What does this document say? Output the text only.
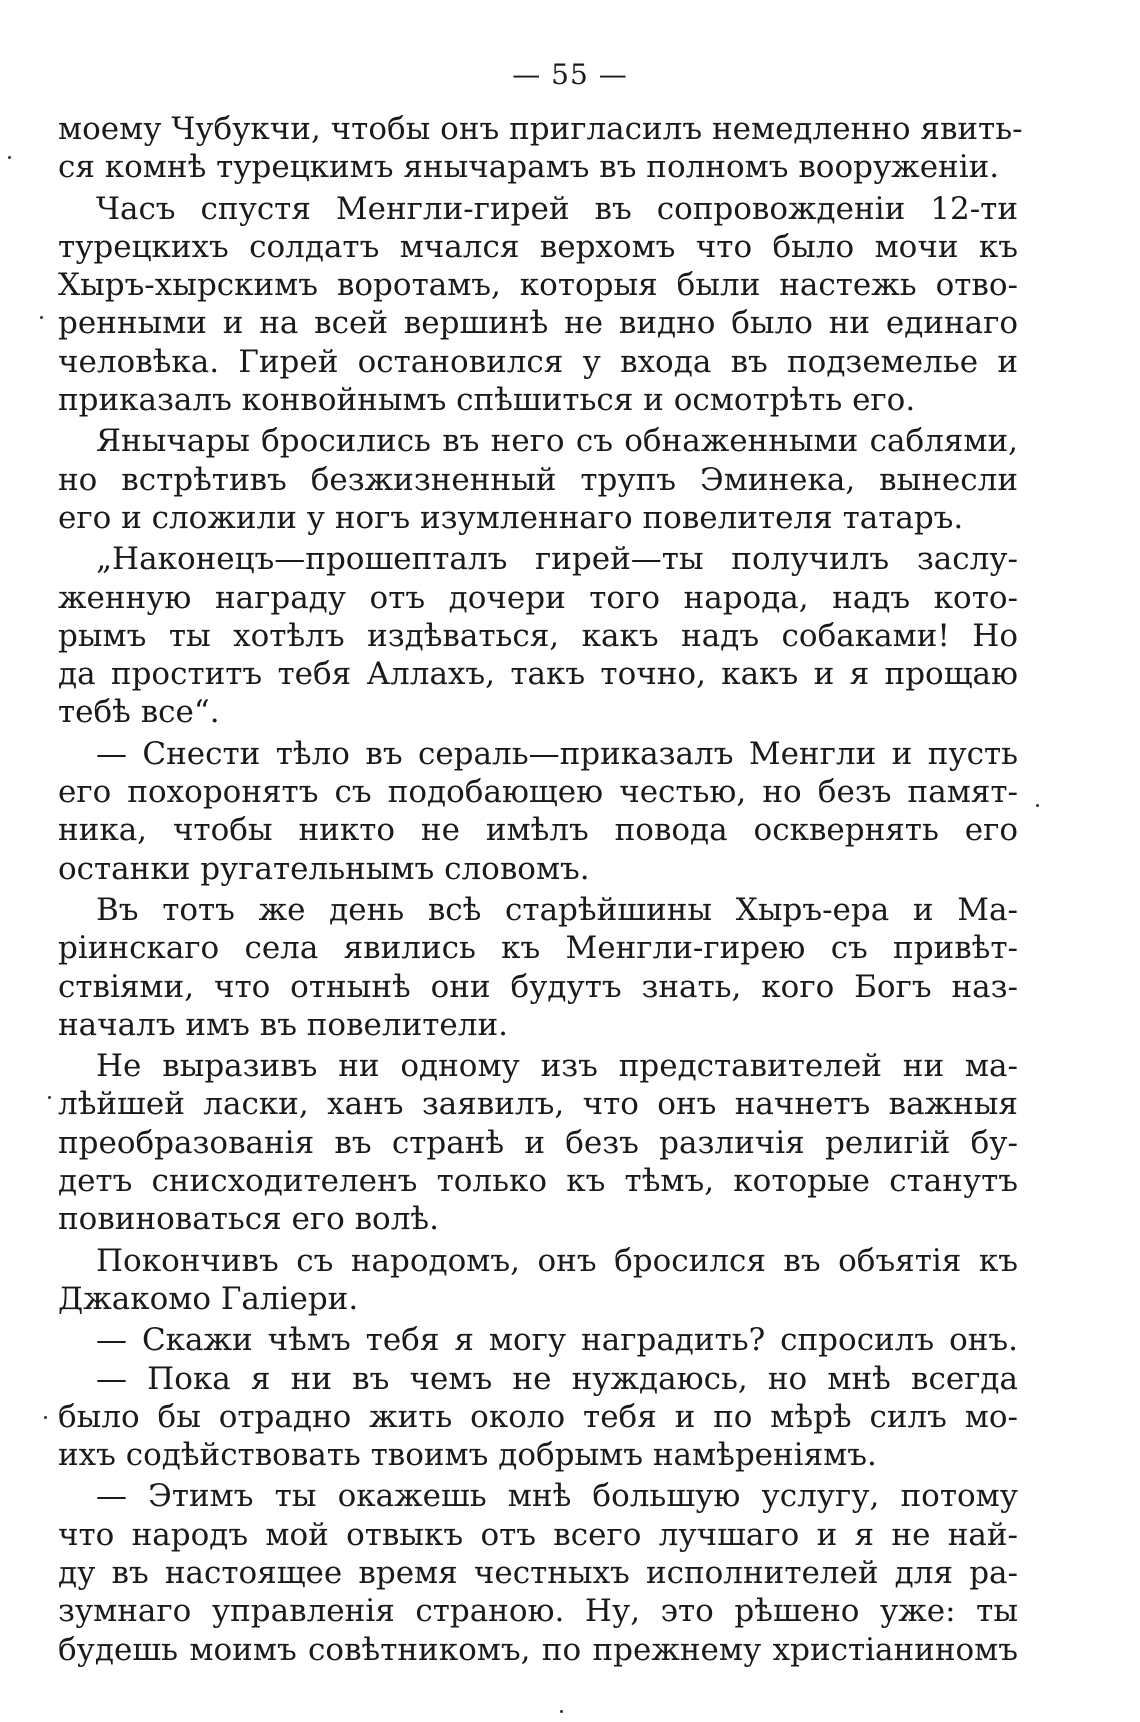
— 55 —
моему Чубукчи, чтобы онъ пригласилъ немедленно явить-
ся комнѣ турецкимъ янычарамъ въ полномъ вооруженіи.
Часъ спустя Менгли-гирей въ сопровожденіи 12-ти
турецкихъ солдатъ мчался верхомъ что было мочи къ
Хыръ-хырскимъ воротамъ, которыя были настежь отво-
ренными и на всей вершинѣ не видно было ни единаго
человѣка. Гирей остановился у входа въ подземелье и
приказалъ конвойнымъ спѣшиться и осмотрѣть его.
Янычары бросились въ него съ обнаженными саблями,
но встрѣтивъ безжизненный трупъ Эминека, вынесли
его и сложили у ногъ изумленнаго повелителя татаръ.
„Наконецъ—прошепталъ гирей—ты получилъ заслу-
женную награду отъ дочери того народа, надъ кото-
рымъ ты хотѣлъ издѣваться, какъ надъ собаками! Но
да проститъ тебя Аллахъ, такъ точно, какъ и я прощаю
тебѣ все“.
— Снести тѣло въ сераль—приказалъ Менгли и пусть
его похоронятъ съ подобающею честью, но безъ памят-
ника, чтобы никто не имѣлъ повода осквернять его
останки ругательнымъ словомъ.
Въ тотъ же день всѣ старѣйшины Хыръ-ера и Ма-
ріинскаго села явились къ Менгли-гирею съ привѣт-
ствіями, что отнынѣ они будутъ знать, кого Богъ наз-
началъ имъ въ повелители.
Не выразивъ ни одному изъ представителей ни ма-
лѣйшей ласки, ханъ заявилъ, что онъ начнетъ важныя
преобразованія въ странѣ и безъ различія религій бу-
детъ снисходителенъ только къ тѣмъ, которые станутъ
повиноваться его волѣ.
Покончивъ съ народомъ, онъ бросился въ объятія къ
Джакомо Галіери.
— Скажи чѣмъ тебя я могу наградить? спросилъ онъ.
— Пока я ни въ чемъ не нуждаюсь, но мнѣ всегда
было бы отрадно жить около тебя и по мѣрѣ силъ мо-
ихъ содѣйствовать твоимъ добрымъ намѣреніямъ.
— Этимъ ты окажешь мнѣ большую услугу, потому
что народъ мой отвыкъ отъ всего лучшаго и я не най-
ду въ настоящее время честныхъ исполнителей для ра-
зумнаго управленія страною. Ну, это рѣшено уже: ты
будешь моимъ совѣтникомъ, по прежнему христіаниномъ
